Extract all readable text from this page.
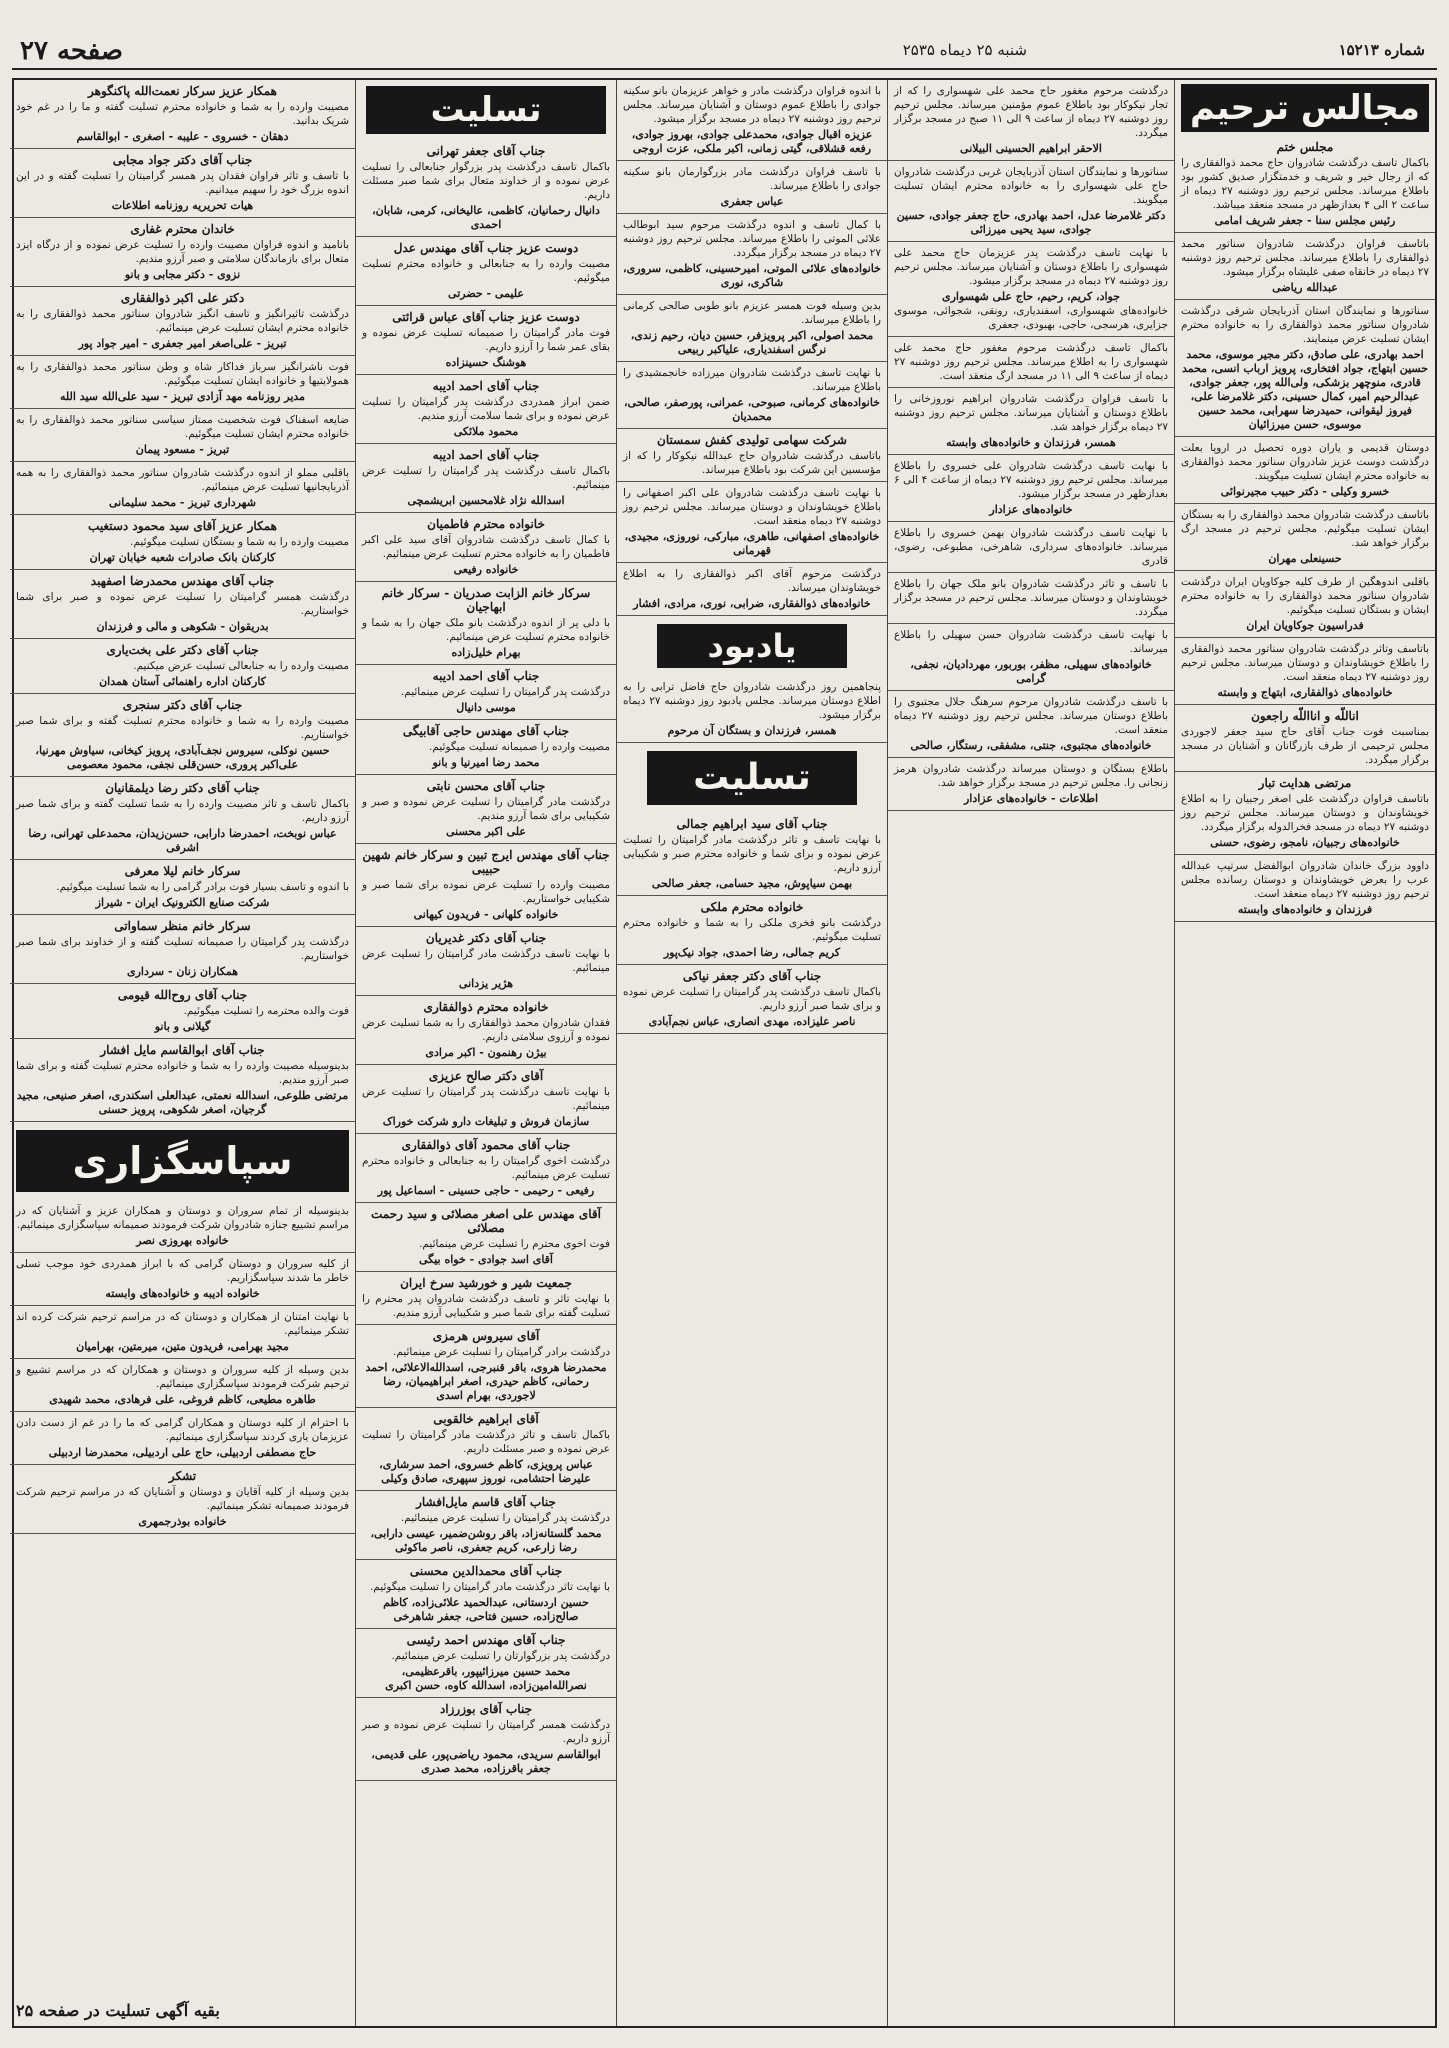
شماره ۱۵۲۱۳
شنبه ۲۵ دیماه ۲۵۳۵
صفحه ۲۷
مجالس ترحیم
مجلس ختم
باکمال تاسف درگذشت شادروان حاج محمد ذوالفقاری را که از رجال خیر و شریف و خدمتگزار صدیق کشور بود باطلاع میرساند. مجلس ترحیم روز دوشنبه ۲۷ دیماه از ساعت ۲ الی ۴ بعدازظهر در مسجد منعقد میباشد.
رئیس مجلس سنا - جعفر شریف امامی
باتاسف فراوان درگذشت شادروان سناتور محمد ذوالفقاری را باطلاع میرساند. مجلس ترحیم روز دوشنبه ۲۷ دیماه در خانقاه صفی علیشاه برگزار میشود.
عبدالله ریاضی
سناتورها و نمایندگان استان آذربایجان شرقی درگذشت شادروان سناتور محمد ذوالفقاری را به خانواده محترم ایشان تسلیت عرض مینمایند.
احمد بهادری، علی صادق، دکتر مجیر موسوی، محمد حسین ابتهاج، جواد افتخاری، پرویز ارباب انسی، محمد قادری، منوچهر بزشکی، ولی‌الله پور، جعفر جوادی، عبدالرحیم امیر، کمال حسینی، دکتر غلامرضا علی، فیروز لیقوانی، حمیدرضا سهرابی، محمد حسین موسوی، حسن میرزائیان
دوستان قدیمی و یاران دوره تحصیل در اروپا بعلت درگذشت دوست عزیز شادروان سناتور محمد ذوالفقاری به خانواده محترم ایشان تسلیت میگویند.
خسرو وکیلی - دکتر حبیب مجیرنوائی
باتاسف درگذشت شادروان محمد ذوالفقاری را به بستگان ایشان تسلیت میگوئیم. مجلس ترحیم در مسجد ارگ برگزار خواهد شد.
حسینعلی مهران
باقلبی اندوهگین از طرف کلیه جوکاویان ایران درگذشت شادروان سناتور محمد ذوالفقاری را به خانواده محترم ایشان و بستگان تسلیت میگوئیم.
فدراسیون جوکاویان ایران
باتاسف وتاثر درگذشت شادروان سناتور محمد ذوالفقاری را باطلاع خویشاوندان و دوستان میرساند. مجلس ترحیم روز دوشنبه ۲۷ دیماه منعقد است.
خانواده‌های ذوالفقاری، ابتهاج و وابسته
اناللّه و انااللّه راجعون
بمناسبت فوت جناب آقای حاج سید جعفر لاجوردی مجلس ترحیمی از طرف بازرگانان و آشنایان در مسجد برگزار میگردد.
مرتضی هدایت تبار
باتاسف فراوان درگذشت علی اصغر رجبیان را به اطلاع خویشاوندان و دوستان میرساند. مجلس ترحیم روز دوشنبه ۲۷ دیماه در مسجد فخرالدوله برگزار میگردد.
خانواده‌های رجبیان، نامجو، رضوی، حسنی
داوود بزرگ خاندان شادروان ابوالفضل سرتیپ عبدالله عرب را بعرض خویشاوندان و دوستان رسانده مجلس ترحیم روز دوشنبه ۲۷ دیماه منعقد است.
فرزندان و خانواده‌های وابسته
درگذشت مرحوم مغفور حاج محمد علی شهسواری را که از تجار نیکوکار بود باطلاع عموم مؤمنین میرساند. مجلس ترحیم روز دوشنبه ۲۷ دیماه از ساعت ۹ الی ۱۱ صبح در مسجد برگزار میگردد.
الاحقر ابراهیم الحسینی البیلانی
سناتورها و نمایندگان استان آذربایجان غربی درگذشت شادروان حاج علی شهسواری را به خانواده محترم ایشان تسلیت میگویند.
دکتر غلامرضا عدل، احمد بهادری، حاج جعفر جوادی، حسین جوادی، سید یحیی میرزائی
با نهایت تاسف درگذشت پدر عزیزمان حاج محمد علی شهسواری را باطلاع دوستان و آشنایان میرساند. مجلس ترحیم روز دوشنبه ۲۷ دیماه در مسجد برگزار میشود.
جواد، کریم، رحیم، حاج علی شهسواری
خانواده‌های شهسواری، اسفندیاری، رونقی، شجوائی، موسوی جزایری، هرسجی، حاجی، بهبودی، جعفری
باکمال تاسف درگذشت مرحوم مغفور حاج محمد علی شهسواری را به اطلاع میرساند. مجلس ترحیم روز دوشنبه ۲۷ دیماه از ساعت ۹ الی ۱۱ در مسجد ارگ منعقد است.
با تاسف فراوان درگذشت شادروان ابراهیم نوروزخانی را باطلاع دوستان و آشنایان میرساند. مجلس ترحیم روز دوشنبه ۲۷ دیماه برگزار خواهد شد.
همسر، فرزندان و خانواده‌های وابسته
با نهایت تاسف درگذشت شادروان علی خسروی را باطلاع میرساند. مجلس ترحیم روز دوشنبه ۲۷ دیماه از ساعت ۴ الی ۶ بعدازظهر در مسجد برگزار میشود.
خانواده‌های عزادار
با نهایت تاسف درگذشت شادروان بهمن خسروی را باطلاع میرساند. خانواده‌های سرداری، شاهرخی، مطبوعی، رضوی، قادری
با تاسف و تاثر درگذشت شادروان بانو ملک جهان را باطلاع خویشاوندان و دوستان میرساند. مجلس ترحیم در مسجد برگزار میگردد.
با نهایت تاسف درگذشت شادروان حسن سهیلی را باطلاع میرساند.
خانواده‌های سهیلی، مظفر، بوربور، مهردادیان، نجفی، گرامی
با تاسف درگذشت شادروان مرحوم سرهنگ جلال مجتبوی را باطلاع دوستان میرساند. مجلس ترحیم روز دوشنبه ۲۷ دیماه منعقد است.
خانواده‌های مجتبوی، جنتی، مشفقی، رستگار، صالحی
باطلاع بستگان و دوستان میرساند درگذشت شادروان هرمز زنجانی را. مجلس ترحیم در مسجد برگزار خواهد شد.
اطلاعات - خانواده‌های عزادار
با اندوه فراوان درگذشت مادر و خواهر عزیزمان بانو سکینه جوادی را باطلاع عموم دوستان و آشنایان میرساند. مجلس ترحیم روز دوشنبه ۲۷ دیماه در مسجد برگزار میشود.
عزیزه اقبال جوادی، محمدعلی جوادی، بهروز جوادی، رفعه قشلاقی، گیتی زمانی، اکبر ملکی، عزت اروجی
با تاسف فراوان درگذشت مادر بزرگوارمان بانو سکینه جوادی را باطلاع میرساند.
عباس جعفری
با کمال تاسف و اندوه درگذشت مرحوم سید ابوطالب علائی الموتی را باطلاع میرساند. مجلس ترحیم روز دوشنبه ۲۷ دیماه در مسجد برگزار میگردد.
خانواده‌های علائی الموتی، امیرحسینی، کاظمی، سروری، شاکری، نوری
بدین وسیله فوت همسر عزیزم بانو طوبی صالحی کرمانی را باطلاع میرساند.
محمد اصولی، اکبر پرویزفر، حسین دیان، رحیم زندی، نرگس اسفندیاری، علیاکبر ربیعی
با نهایت تاسف درگذشت شادروان میرزاده خانجمشیدی را باطلاع میرساند.
خانواده‌های کرمانی، صبوحی، عمرانی، پورصفر، صالحی، محمدیان
شرکت سهامی تولیدی کفش سمستان
باتاسف درگذشت شادروان حاج عبدالله نیکوکار را که از مؤسسین این شرکت بود باطلاع میرساند.
با نهایت تاسف درگذشت شادروان علی اکبر اصفهانی را باطلاع خویشاوندان و دوستان میرساند. مجلس ترحیم روز دوشنبه ۲۷ دیماه منعقد است.
خانواده‌های اصفهانی، طاهری، مبارکی، نوروزی، مجیدی، قهرمانی
درگذشت مرحوم آقای اکبر ذوالفقاری را به اطلاع خویشاوندان میرساند.
خانواده‌های ذوالفقاری، ضرابی، نوری، مرادی، افشار
یادبود
پنجاهمین روز درگذشت شادروان حاج فاضل ترابی را به اطلاع دوستان میرساند. مجلس یادبود روز دوشنبه ۲۷ دیماه برگزار میشود.
همسر، فرزندان و بستگان آن مرحوم
تسلیت
جناب آقای سید ابراهیم جمالی
با نهایت تاسف و تاثر درگذشت مادر گرامیتان را تسلیت عرض نموده و برای شما و خانواده محترم صبر و شکیبایی آرزو داریم.
بهمن سیاپوش، مجید حسامی، جعفر صالحی
خانواده محترم ملکی
درگذشت بانو فخری ملکی را به شما و خانواده محترم تسلیت میگوئیم.
کریم جمالی، رضا احمدی، جواد نیک‌پور
جناب آقای دکتر جعفر نیاکی
باکمال تاسف درگذشت پدر گرامیتان را تسلیت عرض نموده و برای شما صبر آرزو داریم.
ناصر علیزاده، مهدی انصاری، عباس نجم‌آبادی
تسلیت
جناب آقای جعفر تهرانی
باکمال تاسف درگذشت پدر بزرگوار جنابعالی را تسلیت عرض نموده و از خداوند متعال برای شما صبر مسئلت داریم.
دانیال رحمانیان، کاظمی، عالیخانی، کرمی، شابان، احمدی
دوست عزیز جناب آقای مهندس عدل
مصیبت وارده را به جنابعالی و خانواده محترم تسلیت میگوئیم.
علیمی - حضرتی
دوست عزیز جناب آقای عباس قرائتی
فوت مادر گرامیتان را صمیمانه تسلیت عرض نموده و بقای عمر شما را آرزو داریم.
هوشنگ حسینزاده
جناب آقای احمد ادیبه
ضمن ابراز همدردی درگذشت پدر گرامیتان را تسلیت عرض نموده و برای شما سلامت آرزو مندیم.
محمود ملائکی
جناب آقای احمد ادیبه
باکمال تاسف درگذشت پدر گرامیتان را تسلیت عرض مینمائیم.
اسدالله نژاد غلامحسین ابریشمچی
خانواده محترم فاطمیان
با کمال تاسف درگذشت شادروان آقای سید علی اکبر فاطمیان را به خانواده محترم تسلیت عرض مینمائیم.
خانواده رفیعی
سرکار خانم الزابت صدریان - سرکار خانم ابهاجیان
با دلی پر از اندوه درگذشت بانو ملک جهان را به شما و خانواده محترم تسلیت عرض مینمائیم.
بهرام خلیل‌زاده
جناب آقای احمد ادیبه
درگذشت پدر گرامیتان را تسلیت عرض مینمائیم.
موسی دانیال
جناب آقای مهندس حاجی آقابیگی
مصیبت وارده را صمیمانه تسلیت میگوئیم.
محمد رضا امیرنیا و بانو
جناب آقای محسن نابتی
درگذشت مادر گرامیتان را تسلیت عرض نموده و صبر و شکیبایی برای شما آرزو مندیم.
علی اکبر محسنی
جناب آقای مهندس ایرج تبین و سرکار خانم شهین حبیبی
مصیبت وارده را تسلیت عرض نموده برای شما صبر و شکیبایی خواستاریم.
خانواده کلهانی - فریدون کیهانی
جناب آقای دکتر غدیریان
با نهایت تاسف درگذشت مادر گرامیتان را تسلیت عرض مینمائیم.
هژیر یزدانی
خانواده محترم ذوالفقاری
فقدان شادروان محمد ذوالفقاری را به شما تسلیت عرض نموده و آرزوی سلامتی داریم.
بیژن رهنمون - اکبر مرادی
آقای دکتر صالح عزیزی
با نهایت تاسف درگذشت پدر گرامیتان را تسلیت عرض مینمائیم.
سازمان فروش و تبلیغات دارو شرکت خوراک
جناب آقای محمود آقای ذوالفقاری
درگذشت اخوی گرامیتان را به جنابعالی و خانواده محترم تسلیت عرض مینمائیم.
رفیعی - رحیمی - حاجی حسینی - اسماعیل پور
آقای مهندس علی اصغر مصلائی و سید رحمت مصلائی
فوت اخوی محترم را تسلیت عرض مینمائیم.
آقای اسد جوادی - خواه بیگی
جمعیت شیر و خورشید سرخ ایران
با نهایت تاثر و تاسف درگذشت شادروان پدر محترم را تسلیت گفته برای شما صبر و شکیبایی آرزو مندیم.
آقای سیروس هرمزی
درگذشت برادر گرامیتان را تسلیت عرض مینمائیم.
محمدرضا هروی، باقر قنبرجی، اسدالله‌الاعلائی، احمد رحمانی، کاظم حیدری، اصغر ابراهیمیان، رضا لاجوردی، بهرام اسدی
آقای ابراهیم خالقوبی
باکمال تاسف و تاثر درگذشت مادر گرامیتان را تسلیت عرض نموده و صبر مسئلت داریم.
عباس پرویزی، کاظم خسروی، احمد سرشاری، علیرضا احتشامی، نوروز سپهری، صادق وکیلی
جناب آقای قاسم مایل‌افشار
درگذشت پدر گرامیتان را تسلیت عرض مینمائیم.
محمد گلستانه‌زاد، باقر روشن‌ضمیر، عیسی دارابی، رضا زارعی، کریم جعفری، ناصر ماکوئی
جناب آقای محمدالدین محسنی
با نهایت تاثر درگذشت مادر گرامیتان را تسلیت میگوئیم.
حسین اردستانی، عبدالحمید علائی‌زاده، کاظم صالح‌زاده، حسین فتاحی، جعفر شاهرخی
جناب آقای مهندس احمد رئیسی
درگذشت پدر بزرگوارتان را تسلیت عرض مینمائیم.
محمد حسین میرزائیپور، باقرعظیمی، نصرالله‌امین‌زاده، اسدالله کاوه، حسن اکبری
جناب آقای بوزرزاد
درگذشت همسر گرامیتان را تسلیت عرض نموده و صبر آرزو داریم.
ابوالقاسم سریدی، محمود ریاضی‌پور، علی قدیمی، جعفر باقرزاده، محمد صدری
همکار عزیز سرکار نعمت‌الله پاکنگوهر
مصیبت وارده را به شما و خانواده محترم تسلیت گفته و ما را در غم خود شریک بدانید.
دهقان - خسروی - علیبه - اصغری - ابوالقاسم
جناب آقای دکتر جواد مجابی
با تاسف و تاثر فراوان فقدان پدر همسر گرامیتان را تسلیت گفته و در این اندوه بزرگ خود را سهیم میدانیم.
هیات تحریریه روزنامه اطلاعات
خاندان محترم غفاری
بانامید و اندوه فراوان مصیبت وارده را تسلیت عرض نموده و از درگاه ایزد متعال برای بازماندگان سلامتی و صبر آرزو مندیم.
نزوی - دکتر مجابی و بانو
دکتر علی اکبر ذوالفقاری
درگذشت تاثیرانگیز و تاسف انگیز شادروان سناتور محمد ذوالفقاری را به خانواده محترم ایشان تسلیت عرض مینمائیم.
تبریز - علی‌اصغر امیر جعفری - امیر جواد پور
فوت ناشرانگیز سرباز فداکار شاه و وطن سناتور محمد ذوالفقاری را به همولایتیها و خانواده ایشان تسلیت میگوئیم.
مدیر روزنامه مهد آزادی تبریز - سید علی‌الله سید الله
ضایعه اسفناک فوت شخصیت ممتاز سیاسی سناتور محمد ذوالفقاری را به خانواده محترم ایشان تسلیت میگوئیم.
تبریز - مسعود پیمان
باقلبی مملو از اندوه درگذشت شادروان سناتور محمد ذوالفقاری را به همه آذربایجانیها تسلیت عرض مینمائیم.
شهرداری تبریز - محمد سلیمانی
همکار عزیز آقای سید محمود دستغیب
مصیبت وارده را به شما و بستگان تسلیت میگوئیم.
کارکنان بانک صادرات شعبه خیابان تهران
جناب آقای مهندس محمدرضا اصفهبد
درگذشت همسر گرامیتان را تسلیت عرض نموده و صبر برای شما خواستاریم.
بدریقوان - شکوهی و مالی و فرزندان
جناب آقای دکتر علی بخت‌یاری
مصیبت وارده را به جنابعالی تسلیت عرض میکنیم.
کارکنان اداره راهنمائی آستان همدان
جناب آقای دکتر سنجری
مصیبت وارده را به شما و خانواده محترم تسلیت گفته و برای شما صبر خواستاریم.
حسین نوکلی، سیروس نجف‌آبادی، پرویز کیخانی، سیاوش مهرنیا، علی‌اکبر پروری، حسن‌قلی نجفی، محمود معصومی
جناب آقای دکتر رضا دیلمقانیان
باکمال تاسف و تاثر مصیبت وارده را به شما تسلیت گفته و برای شما صبر آرزو داریم.
عباس نوبخت، احمدرضا دارابی، حسن‌زیدان، محمدعلی تهرانی، رضا اشرفی
سرکار خانم لیلا معرفی
با اندوه و تاسف بسیار فوت برادر گرامی را به شما تسلیت میگوئیم.
شرکت صنایع الکترونیک ایران - شیراز
سرکار خانم منظر سماواتی
درگذشت پدر گرامیتان را صمیمانه تسلیت گفته و از خداوند برای شما صبر خواستاریم.
همکاران زنان - سرداری
جناب آقای روح‌الله قیومی
فوت والده محترمه را تسلیت میگوئیم.
گیلانی و بانو
جناب آقای ابوالقاسم مایل افشار
بدینوسیله مصیبت وارده را به شما و خانواده محترم تسلیت گفته و برای شما صبر آرزو مندیم.
مرتضی طلوعی، اسدالله نعمتی، عبدالعلی اسکندری، اصغر صنیعی، مجید گرجیان، اصغر شکوهی، پرویز حسنی
سپاسگزاری
بدینوسیله از تمام سروران و دوستان و همکاران عزیز و آشنایان که در مراسم تشییع جنازه شادروان شرکت فرمودند صمیمانه سپاسگزاری مینمائیم.
خانواده بهروزی نصر
از کلیه سروران و دوستان گرامی که با ابراز همدردی خود موجب تسلی خاطر ما شدند سپاسگزاریم.
خانواده ادیبه و خانواده‌های وابسته
با نهایت امتنان از همکاران و دوستان که در مراسم ترحیم شرکت کرده اند تشکر مینمائیم.
مجید بهرامی، فریدون متین، میرمتین، بهرامیان
بدین وسیله از کلیه سروران و دوستان و همکاران که در مراسم تشییع و ترحیم شرکت فرمودند سپاسگزاری مینمائیم.
طاهره مطیعی، کاظم فروغی، علی فرهادی، محمد شهیدی
با احترام از کلیه دوستان و همکاران گرامی که ما را در غم از دست دادن عزیزمان یاری کردند سپاسگزاری مینمائیم.
حاج مصطفی اردبیلی، حاج علی اردبیلی، محمدرضا اردبیلی
تشکر
بدین وسیله از کلیه آقایان و دوستان و آشنایان که در مراسم ترحیم شرکت فرمودند صمیمانه تشکر مینمائیم.
خانواده بوذرجمهری
بقیه آگهی تسلیت در صفحه ۲۵
